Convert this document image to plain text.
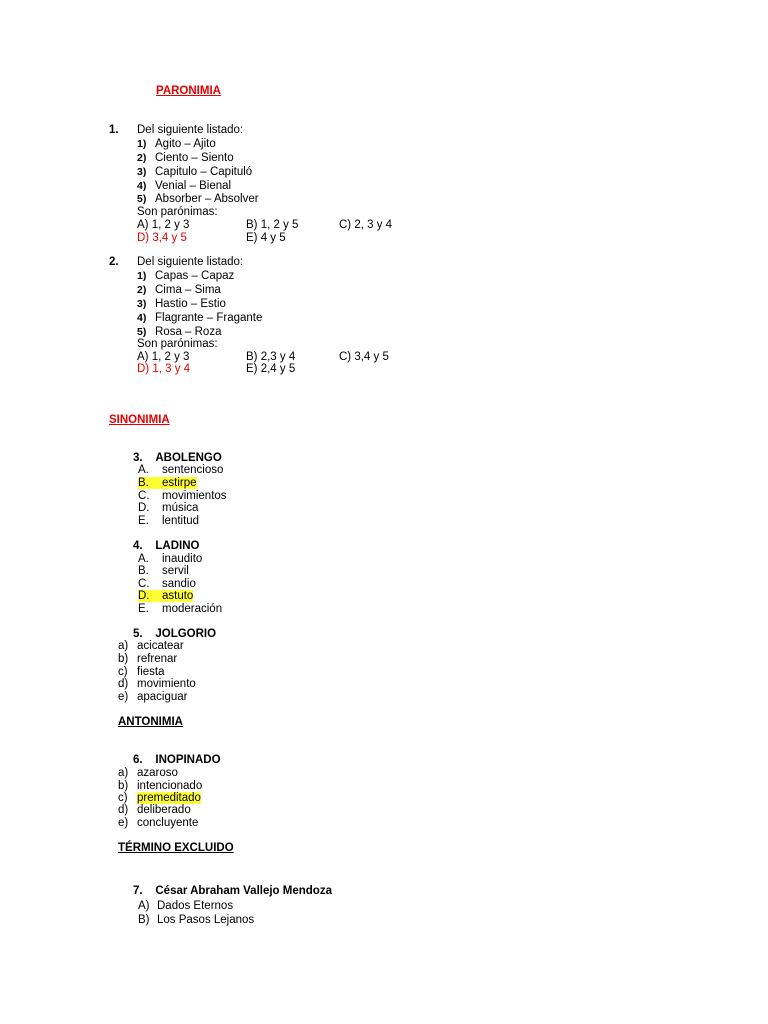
PARONIMIA
1. Del siguiente listado:
1) Agito – Ajito
2) Ciento – Siento
3) Capitulo – Capituló
4) Venial – Bienal
5) Absorber – Absolver
Son parónimas:
A) 1, 2 y 3	B) 1, 2 y 5	C) 2, 3 y 4
D) 3,4 y 5	E) 4 y 5
2. Del siguiente listado:
1) Capas – Capaz
2) Cima – Sima
3) Hastio – Estio
4) Flagrante – Fragante
5) Rosa – Roza
Son parónimas:
A) 1, 2 y 3	B) 2,3 y 4	C) 3,4 y 5
D) 1, 3 y 4	E) 2,4 y 5
SINONIMIA
3.    ABOLENGO
A. sentencioso
B. estirpe
C. movimientos
D. música
E. lentitud
4.    LADINO
A. inaudito
B. servil
C. sandio
D. astuto
E. moderación
5.    JOLGORIO
a) acicatear
b) refrenar
c) fiesta
d) movimiento
e) apaciguar
ANTONIMIA
6.    INOPINADO
a) azaroso
b) intencionado
c) premeditado
d) deliberado
e) concluyente
TÉRMINO EXCLUIDO
7.    César Abraham Vallejo Mendoza
A) Dados Eternos
B) Los Pasos Lejanos
